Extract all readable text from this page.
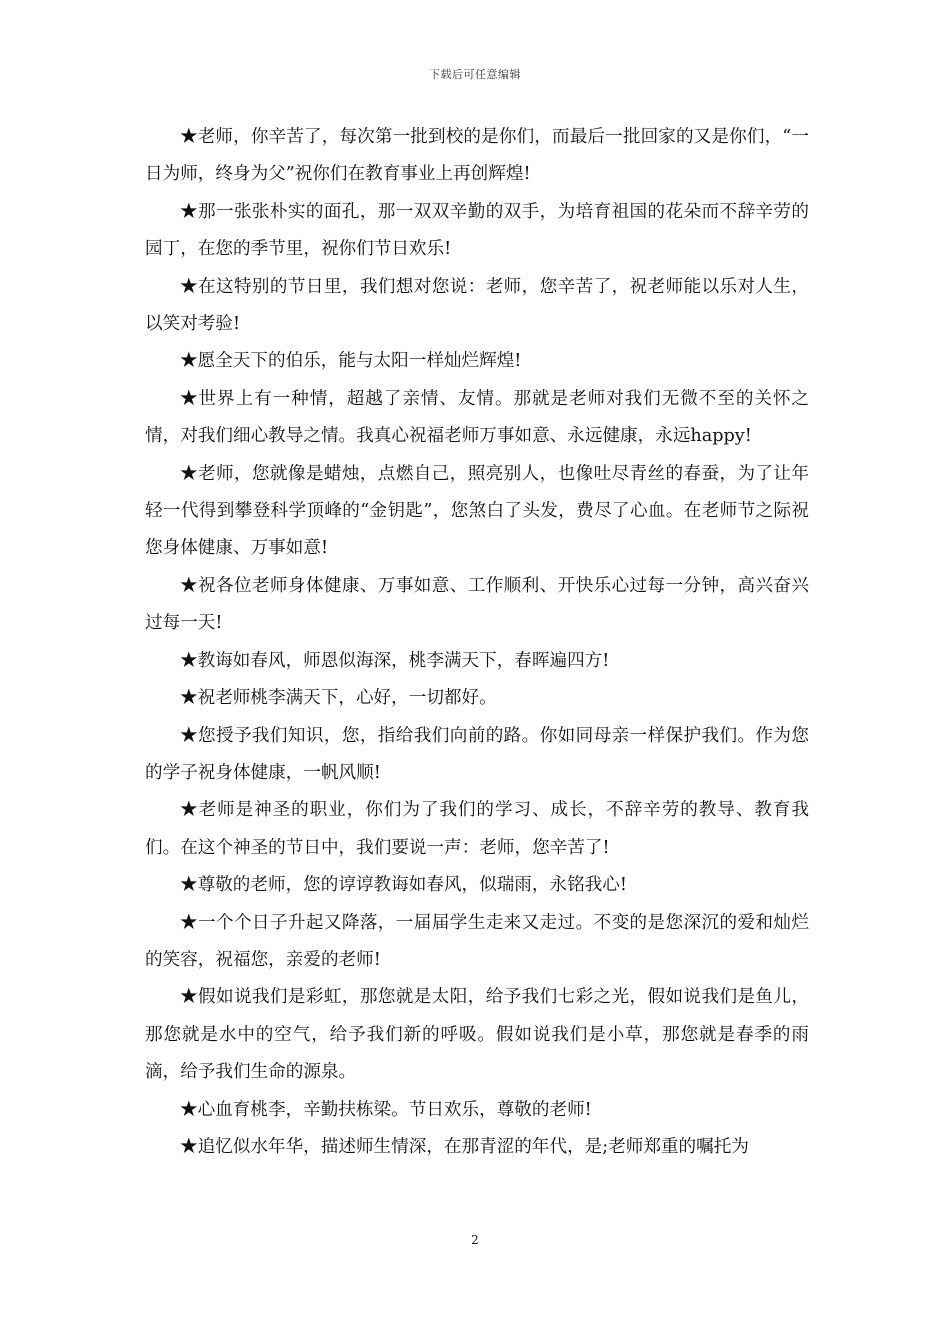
下载后可任意编辑

★老师，你辛苦了，每次第一批到校的是你们，而最后一批回家的又是你们，“一日为师，终身为父”祝你们在教育事业上再创辉煌!

★那一张张朴实的面孔，那一双双辛勤的双手，为培育祖国的花朵而不辞辛劳的园丁，在您的季节里，祝你们节日欢乐!

★在这特别的节日里，我们想对您说：老师，您辛苦了，祝老师能以乐对人生，以笑对考验!

★愿全天下的伯乐，能与太阳一样灿烂辉煌!

★世界上有一种情，超越了亲情、友情。那就是老师对我们无微不至的关怀之情，对我们细心教导之情。我真心祝福老师万事如意、永远健康，永远happy!

★老师，您就像是蜡烛，点燃自己，照亮别人，也像吐尽青丝的春蚕，为了让年轻一代得到攀登科学顶峰的“金钥匙”，您煞白了头发，费尽了心血。在老师节之际祝您身体健康、万事如意!

★祝各位老师身体健康、万事如意、工作顺利、开快乐心过每一分钟，高兴奋兴过每一天!

★教诲如春风，师恩似海深，桃李满天下，春晖遍四方!

★祝老师桃李满天下，心好，一切都好。

★您授予我们知识，您，指给我们向前的路。你如同母亲一样保护我们。作为您的学子祝身体健康，一帆风顺!

★老师是神圣的职业，你们为了我们的学习、成长，不辞辛劳的教导、教育我们。在这个神圣的节日中，我们要说一声：老师，您辛苦了!

★尊敬的老师，您的谆谆教诲如春风，似瑞雨，永铭我心!

★一个个日子升起又降落，一届届学生走来又走过。不变的是您深沉的爱和灿烂的笑容，祝福您，亲爱的老师!

★假如说我们是彩虹，那您就是太阳，给予我们七彩之光，假如说我们是鱼儿，那您就是水中的空气，给予我们新的呼吸。假如说我们是小草，那您就是春季的雨滴，给予我们生命的源泉。

★心血育桃李，辛勤扶栋梁。节日欢乐，尊敬的老师!

★追忆似水年华，描述师生情深，在那青涩的年代，是;老师郑重的嘱托为

2
